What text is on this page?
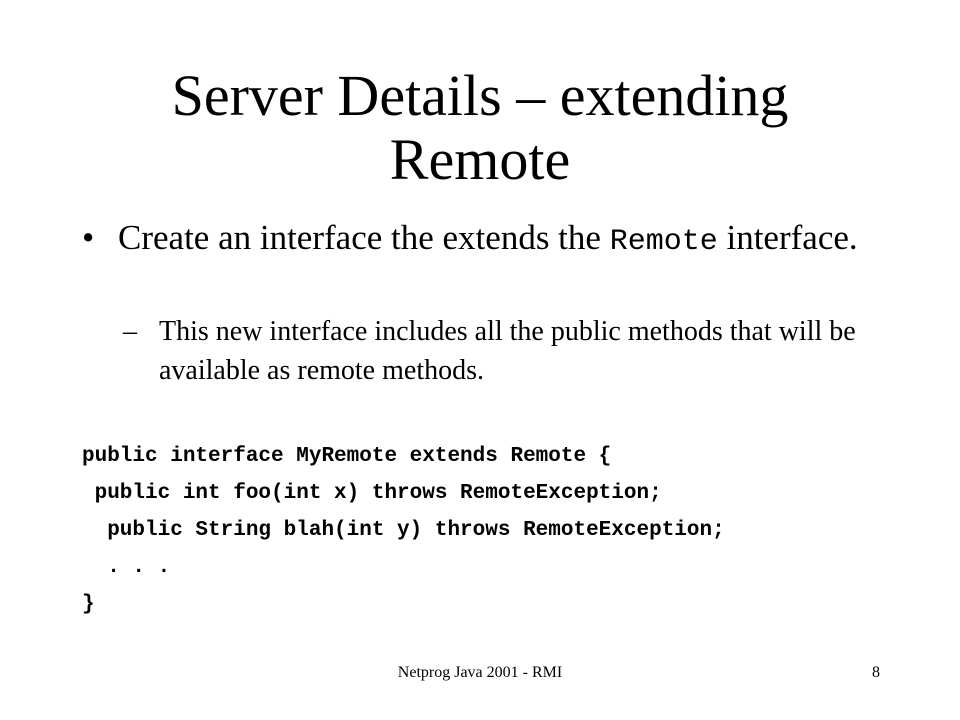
Server Details – extending
Remote
• Create an interface the extends the Remote interface.
– This new interface includes all the public methods that will be available as remote methods.
public interface MyRemote extends Remote {
public int foo(int x) throws RemoteException;
public String blah(int y) throws RemoteException;
. . .
}
Netprog Java 2001 - RMI	8
